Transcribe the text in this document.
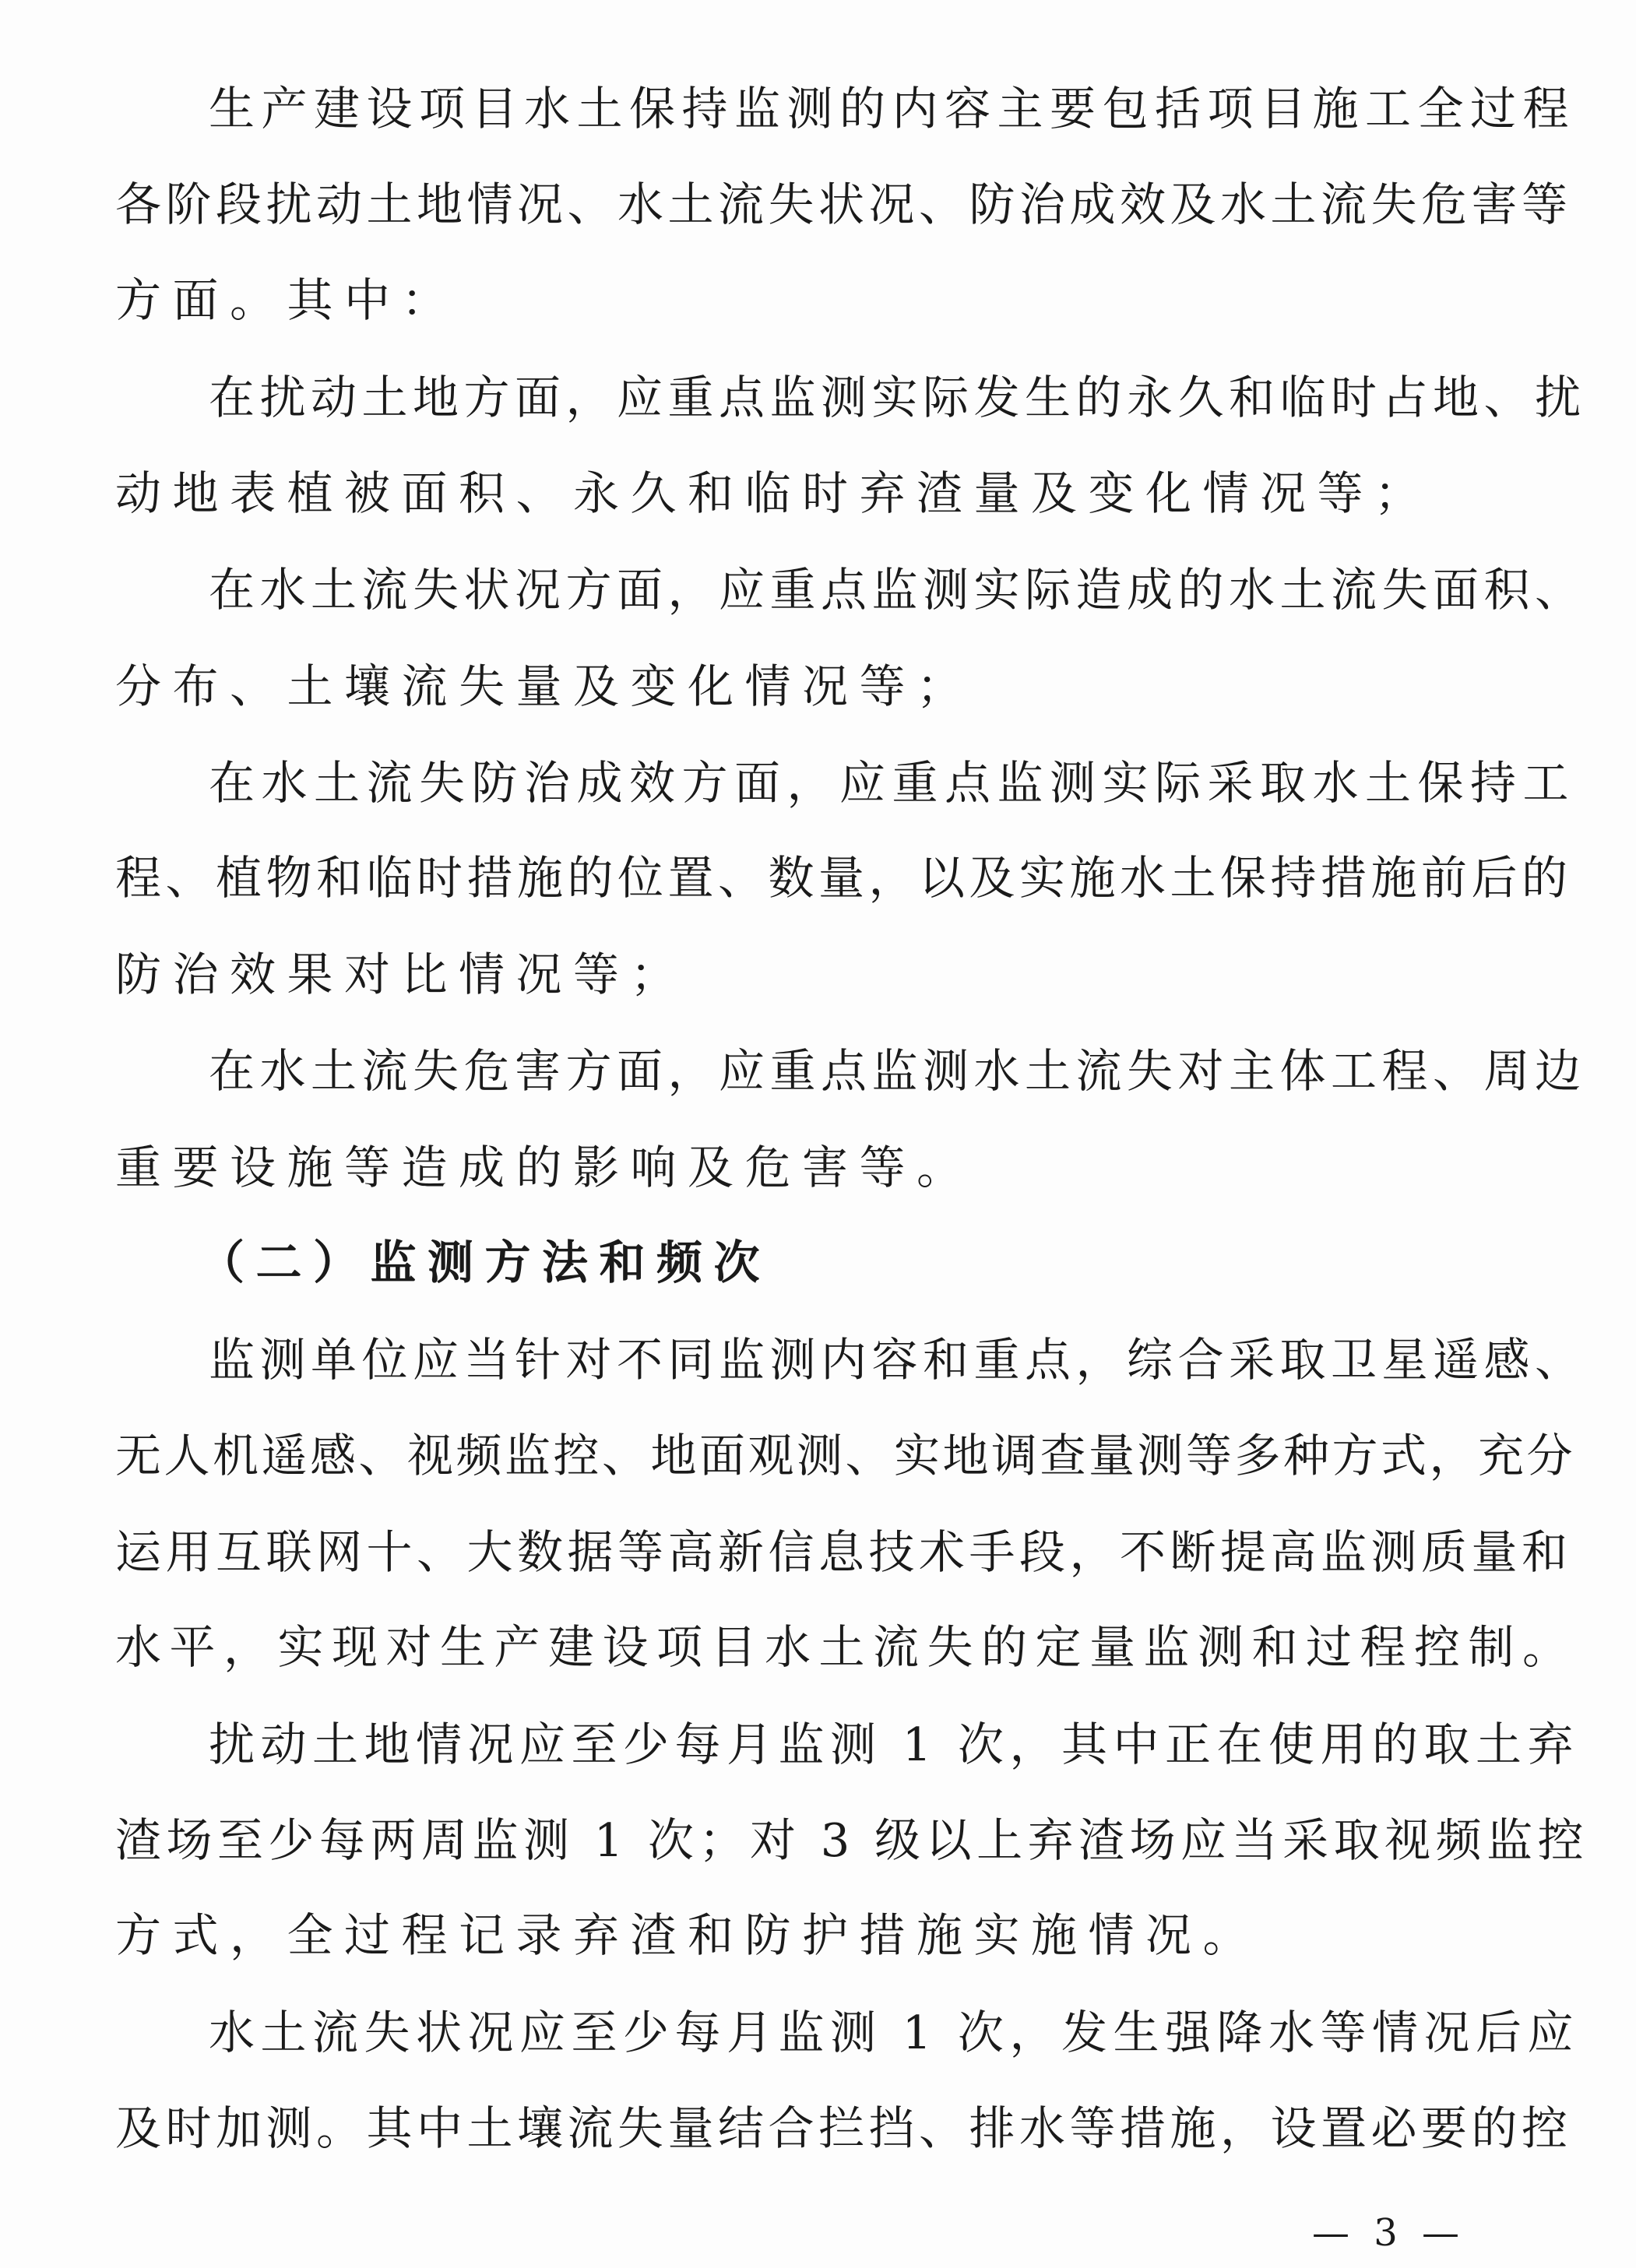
生产建设项目水土保持监测的内容主要包括项目施工全过程
各阶段扰动土地情况、水土流失状况、防治成效及水土流失危害等
方面。其中：
在扰动土地方面，应重点监测实际发生的永久和临时占地、扰
动地表植被面积、永久和临时弃渣量及变化情况等；
在水土流失状况方面，应重点监测实际造成的水土流失面积、
分布、土壤流失量及变化情况等；
在水土流失防治成效方面，应重点监测实际采取水土保持工
程、植物和临时措施的位置、数量，以及实施水土保持措施前后的
防治效果对比情况等；
在水土流失危害方面，应重点监测水土流失对主体工程、周边
重要设施等造成的影响及危害等。
（二）监测方法和频次
监测单位应当针对不同监测内容和重点，综合采取卫星遥感、
无人机遥感、视频监控、地面观测、实地调查量测等多种方式，充分
运用互联网十、大数据等高新信息技术手段，不断提高监测质量和
水平，实现对生产建设项目水土流失的定量监测和过程控制。
扰动土地情况应至少每月监测 1 次，其中正在使用的取土弃
渣场至少每两周监测 1 次；对 3 级以上弃渣场应当采取视频监控
方式，全过程记录弃渣和防护措施实施情况。
水土流失状况应至少每月监测 1 次，发生强降水等情况后应
及时加测。其中土壤流失量结合拦挡、排水等措施，设置必要的控
— 3 —
